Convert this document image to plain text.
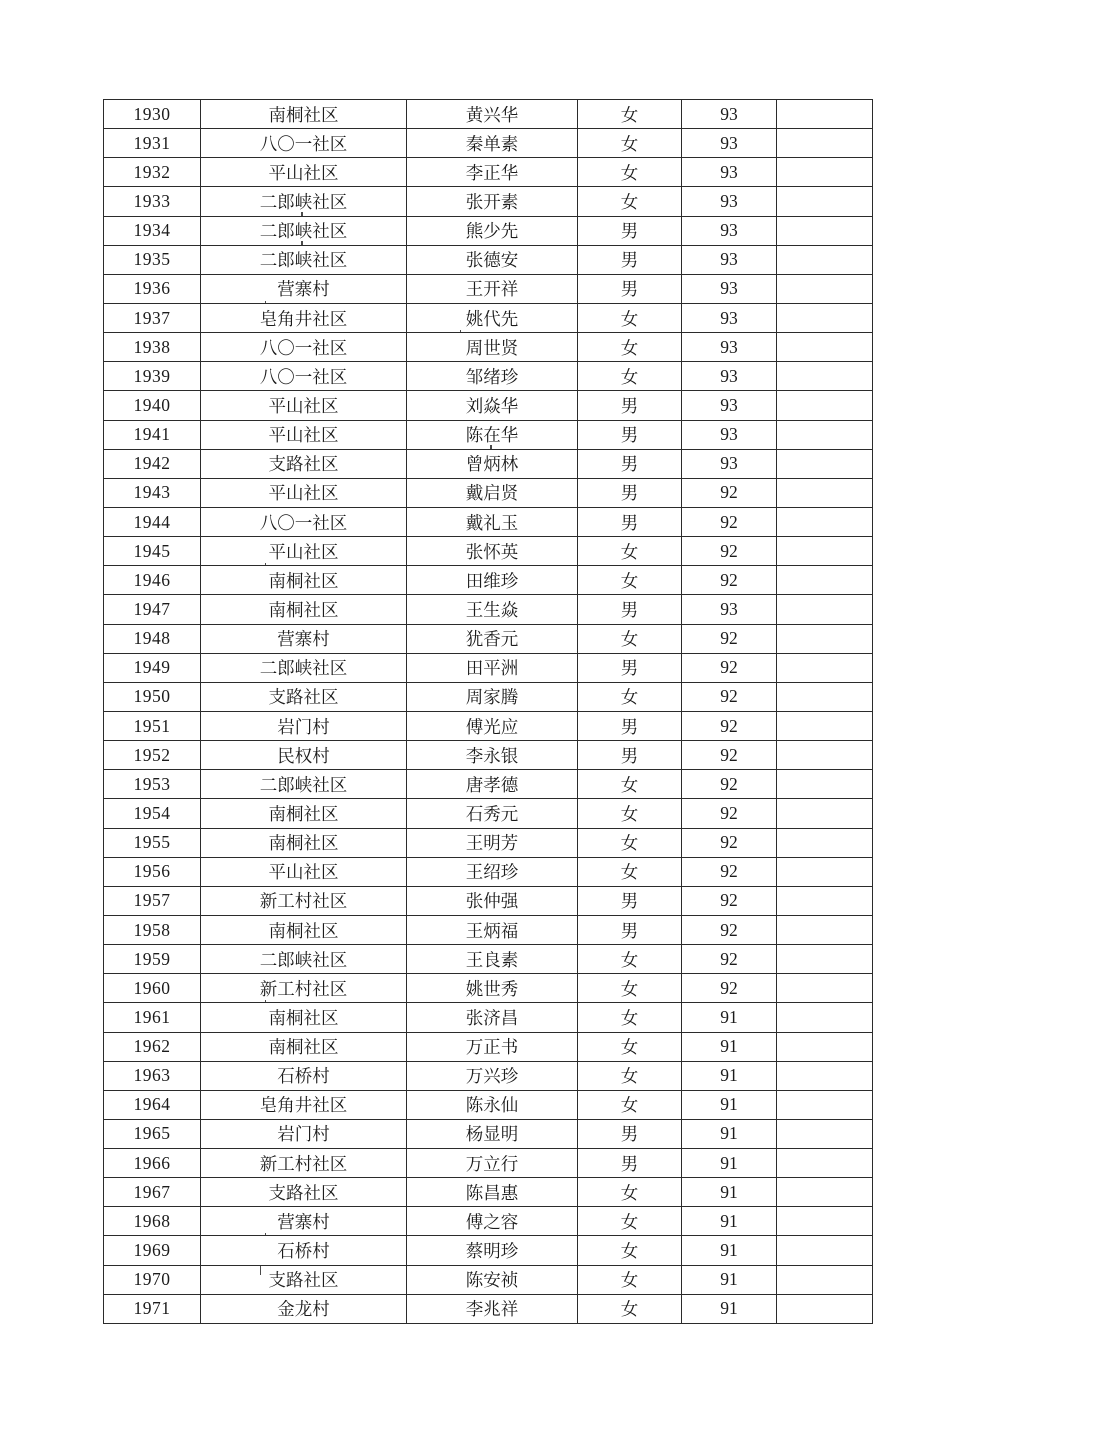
1930	南桐社区	黄兴华	女	93	
1931	八〇一社区	秦单素	女	93	
1932	平山社区	李正华	女	93	
1933	二郎峡社区	张开素	女	93	
1934	二郎峡社区	熊少先	男	93	
1935	二郎峡社区	张德安	男	93	
1936	营寨村	王开祥	男	93	
1937	皂角井社区	姚代先	女	93	
1938	八〇一社区	周世贤	女	93	
1939	八〇一社区	邹绪珍	女	93	
1940	平山社区	刘焱华	男	93	
1941	平山社区	陈在华	男	93	
1942	支路社区	曾炳林	男	93	
1943	平山社区	戴启贤	男	92	
1944	八〇一社区	戴礼玉	男	92	
1945	平山社区	张怀英	女	92	
1946	南桐社区	田维珍	女	92	
1947	南桐社区	王生焱	男	93	
1948	营寨村	犹香元	女	92	
1949	二郎峡社区	田平洲	男	92	
1950	支路社区	周家腾	女	92	
1951	岩门村	傅光应	男	92	
1952	民权村	李永银	男	92	
1953	二郎峡社区	唐孝德	女	92	
1954	南桐社区	石秀元	女	92	
1955	南桐社区	王明芳	女	92	
1956	平山社区	王绍珍	女	92	
1957	新工村社区	张仲强	男	92	
1958	南桐社区	王炳福	男	92	
1959	二郎峡社区	王良素	女	92	
1960	新工村社区	姚世秀	女	92	
1961	南桐社区	张济昌	女	91	
1962	南桐社区	万正书	女	91	
1963	石桥村	万兴珍	女	91	
1964	皂角井社区	陈永仙	女	91	
1965	岩门村	杨显明	男	91	
1966	新工村社区	万立行	男	91	
1967	支路社区	陈昌惠	女	91	
1968	营寨村	傅之容	女	91	
1969	石桥村	蔡明珍	女	91	
1970	支路社区	陈安祯	女	91	
1971	金龙村	李兆祥	女	91	
